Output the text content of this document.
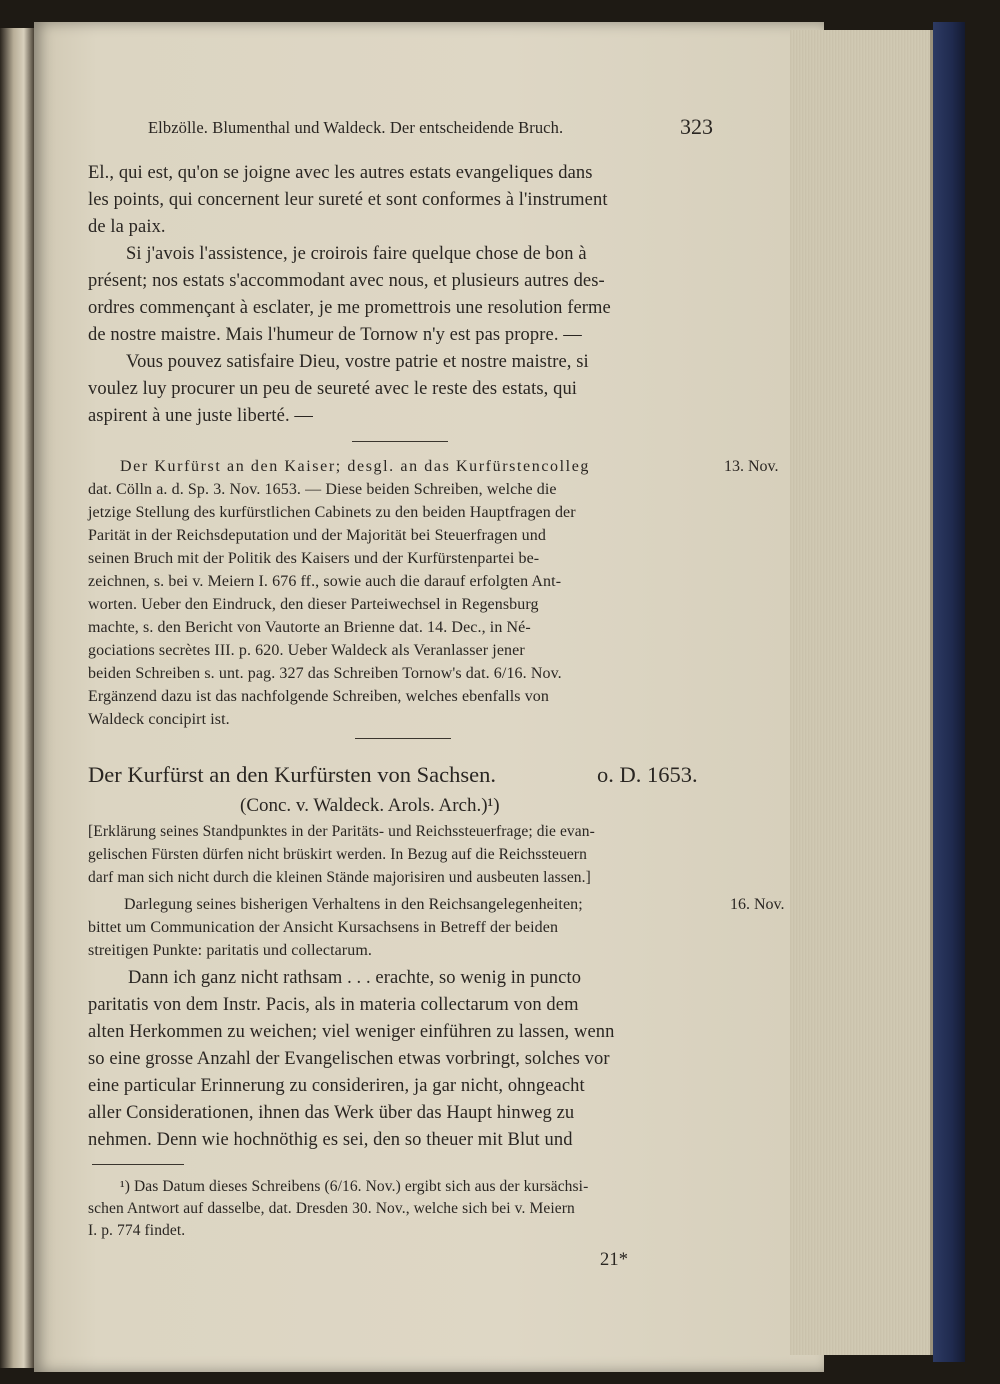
Elbzölle. Blumenthal und Waldeck. Der entscheidende Bruch.	323
El., qui est, qu'on se joigne avec les autres estats evangeliques dans
les points, qui concernent leur sureté et sont conformes à l'instrument
de la paix.
Si j'avois l'assistence, je croirois faire quelque chose de bon à
présent; nos estats s'accommodant avec nous, et plusieurs autres des-
ordres commençant à esclater, je me promettrois une resolution ferme
de nostre maistre. Mais l'humeur de Tornow n'y est pas propre. —
Vous pouvez satisfaire Dieu, vostre patrie et nostre maistre, si
voulez luy procurer un peu de seureté avec le reste des estats, qui
aspirent à une juste liberté. —
13. Nov.
Der Kurfürst an den Kaiser; desgl. an das Kurfürstencolleg
dat. Cölln a. d. Sp. 3. Nov. 1653. — Diese beiden Schreiben, welche die
jetzige Stellung des kurfürstlichen Cabinets zu den beiden Hauptfragen der
Parität in der Reichsdeputation und der Majorität bei Steuerfragen und
seinen Bruch mit der Politik des Kaisers und der Kurfürstenpartei be-
zeichnen, s. bei v. Meiern I. 676 ff., sowie auch die darauf erfolgten Ant-
worten. Ueber den Eindruck, den dieser Parteiwechsel in Regensburg
machte, s. den Bericht von Vautorte an Brienne dat. 14. Dec., in Né-
gociations secrètes III. p. 620. Ueber Waldeck als Veranlasser jener
beiden Schreiben s. unt. pag. 327 das Schreiben Tornow's dat. 6/16. Nov.
Ergänzend dazu ist das nachfolgende Schreiben, welches ebenfalls von
Waldeck concipirt ist.
Der Kurfürst an den Kurfürsten von Sachsen.	o. D. 1653.
(Conc. v. Waldeck. Arols. Arch.)¹)
[Erklärung seines Standpunktes in der Paritäts- und Reichssteuerfrage; die evan-
gelischen Fürsten dürfen nicht brüskirt werden. In Bezug auf die Reichssteuern
darf man sich nicht durch die kleinen Stände majorisiren und ausbeuten lassen.]
16. Nov.
Darlegung seines bisherigen Verhaltens in den Reichsangelegenheiten;
bittet um Communication der Ansicht Kursachsens in Betreff der beiden
streitigen Punkte: paritatis und collectarum.
Dann ich ganz nicht rathsam . . . erachte, so wenig in puncto
paritatis von dem Instr. Pacis, als in materia collectarum von dem
alten Herkommen zu weichen; viel weniger einführen zu lassen, wenn
so eine grosse Anzahl der Evangelischen etwas vorbringt, solches vor
eine particular Erinnerung zu consideriren, ja gar nicht, ohngeacht
aller Considerationen, ihnen das Werk über das Haupt hinweg zu
nehmen. Denn wie hochnöthig es sei, den so theuer mit Blut und
¹) Das Datum dieses Schreibens (6/16. Nov.) ergibt sich aus der kursächsi-
schen Antwort auf dasselbe, dat. Dresden 30. Nov., welche sich bei v. Meiern
I. p. 774 findet.
21*
